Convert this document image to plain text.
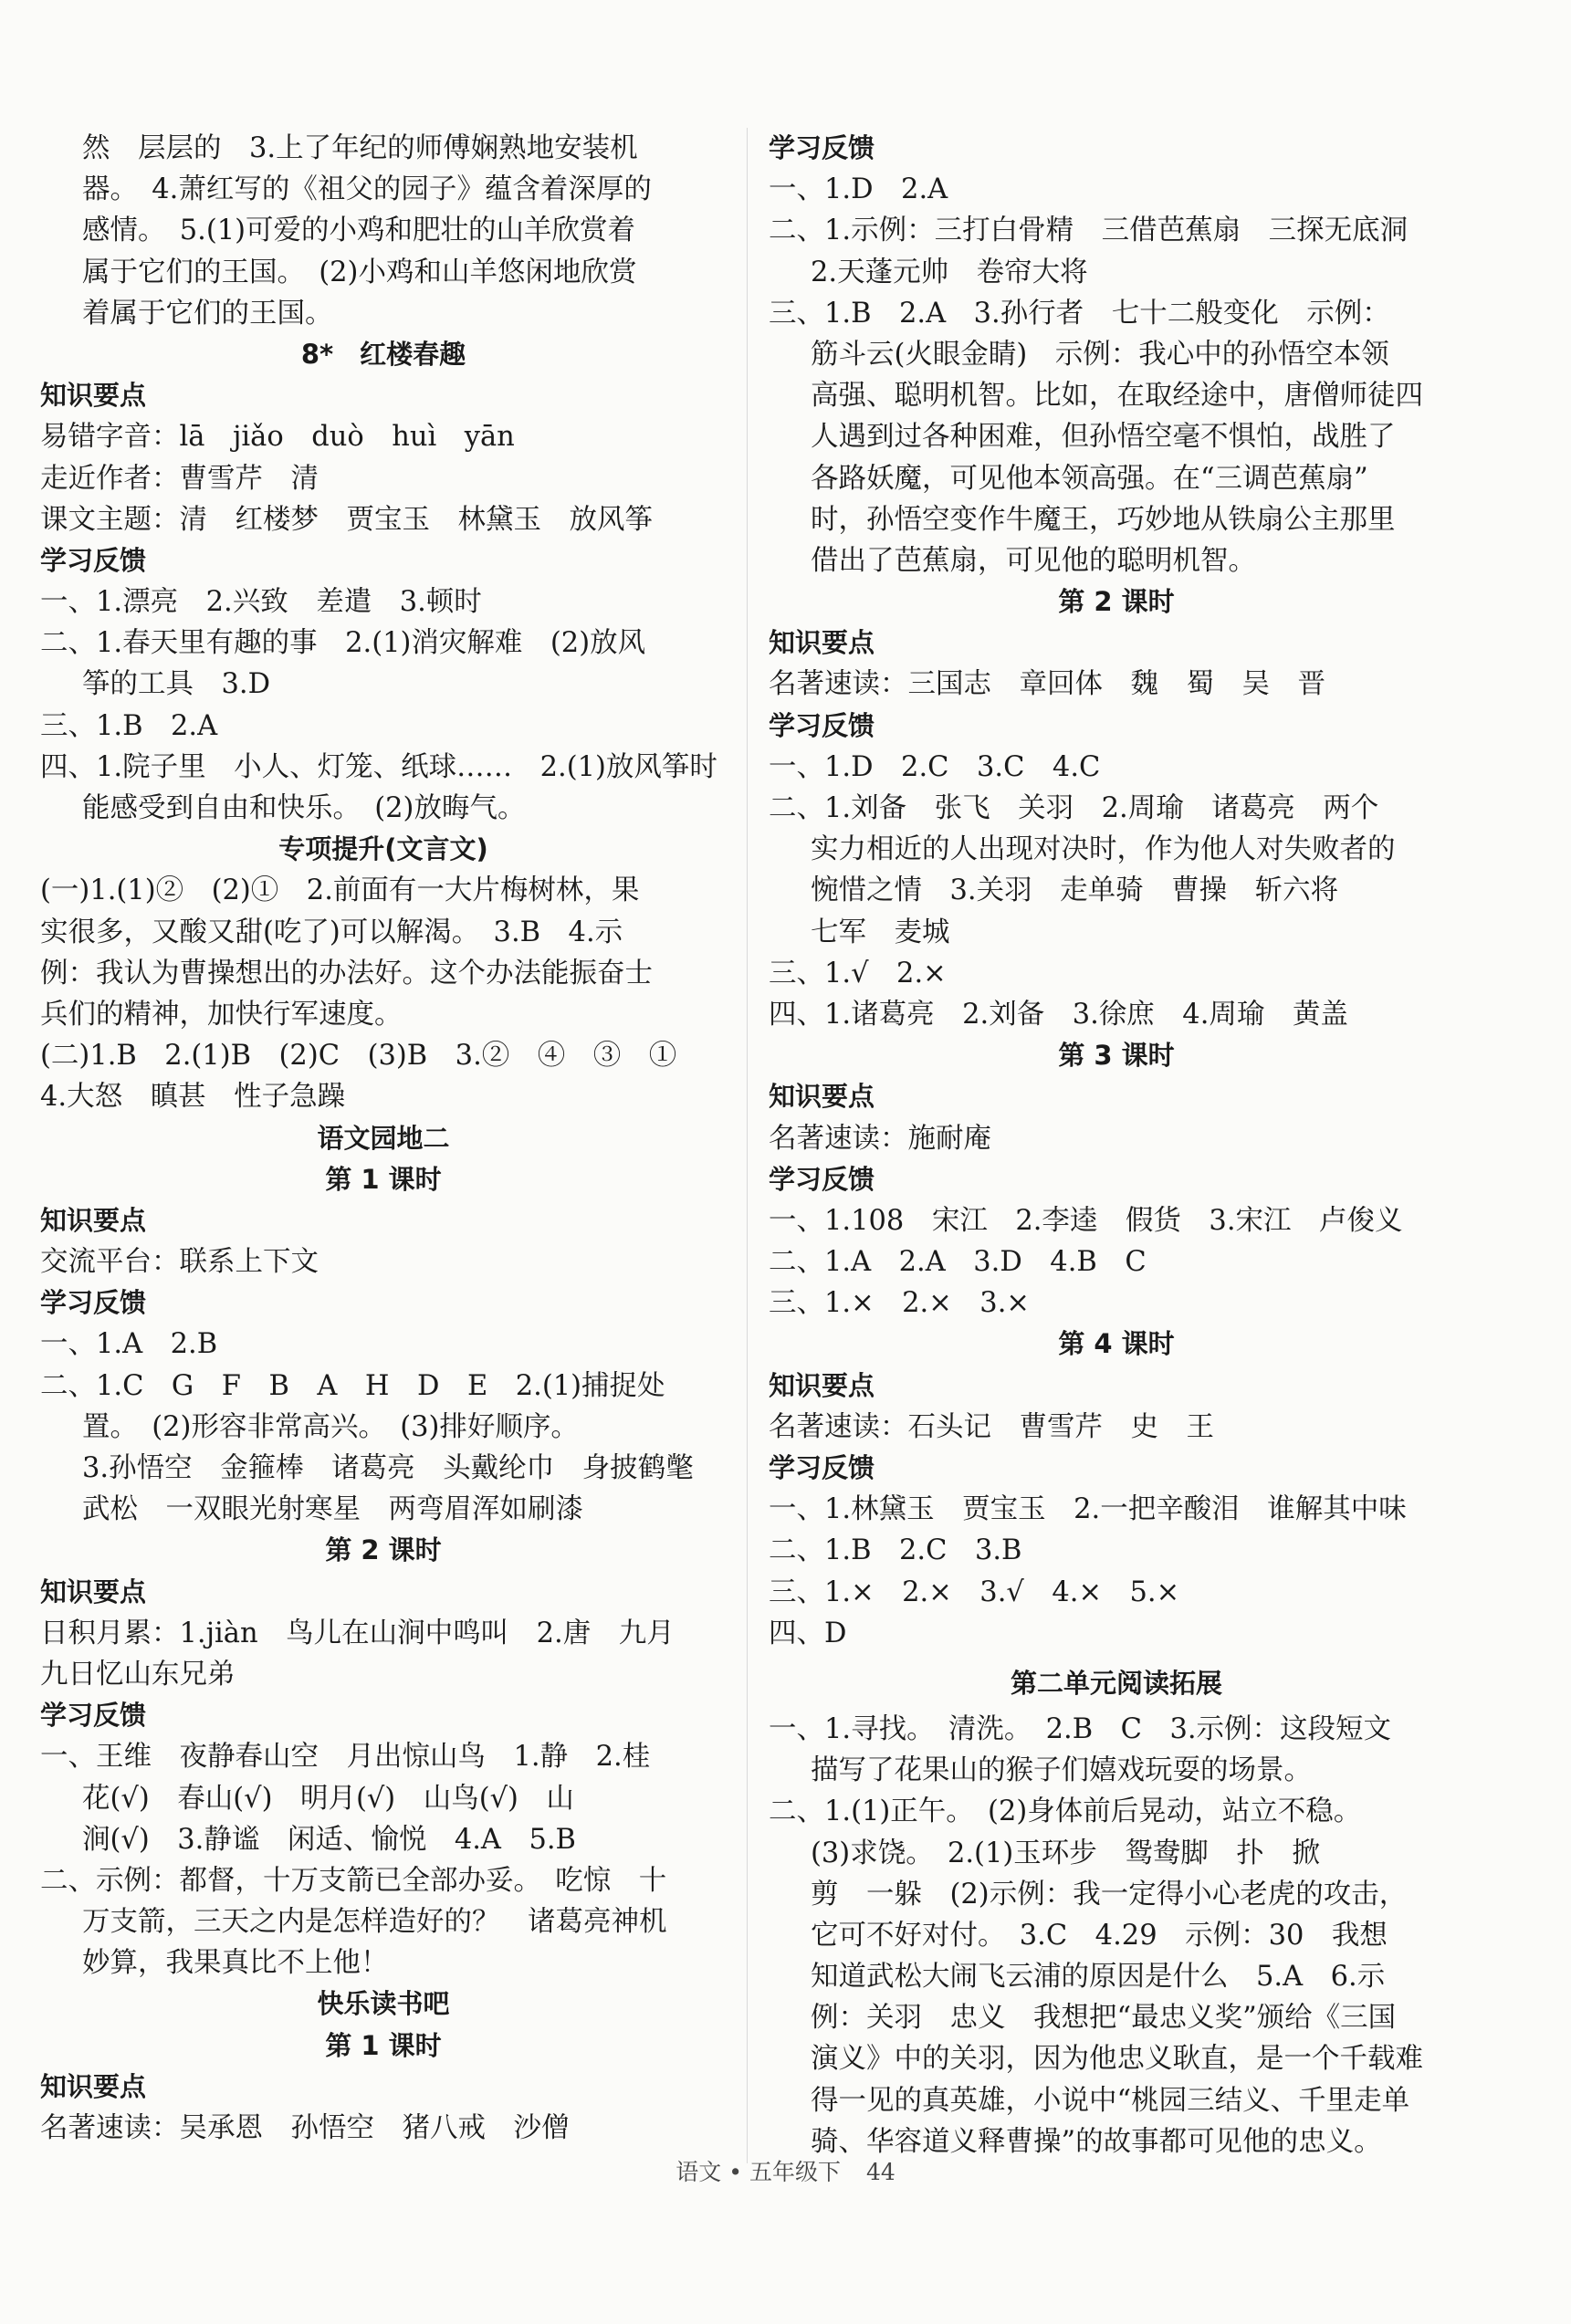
然　层层的　3.上了年纪的师傅娴熟地安装机
器。　4.萧红写的《祖父的园子》蕴含着深厚的
感情。　5.(1)可爱的小鸡和肥壮的山羊欣赏着
属于它们的王国。　(2)小鸡和山羊悠闲地欣赏
着属于它们的王国。
8*　红楼春趣
知识要点
易错字音：lā　jiǎo　duò　huì　yān
走近作者：曹雪芹　清
课文主题：清　红楼梦　贾宝玉　林黛玉　放风筝
学习反馈
一、1.漂亮　2.兴致　差遣　3.顿时
二、1.春天里有趣的事　2.(1)消灾解难　(2)放风
筝的工具　3.D
三、1.B　2.A
四、1.院子里　小人、灯笼、纸球……　2.(1)放风筝时
能感受到自由和快乐。　(2)放晦气。
专项提升(文言文)
(一)1.(1)②　(2)①　2.前面有一大片梅树林，果
实很多，又酸又甜(吃了)可以解渴。　3.B　4.示
例：我认为曹操想出的办法好。这个办法能振奋士
兵们的精神，加快行军速度。
(二)1.B　2.(1)B　(2)C　(3)B　3.②　④　③　①
4.大怒　瞋甚　性子急躁
语文园地二
第 1 课时
知识要点
交流平台：联系上下文
学习反馈
一、1.A　2.B
二、1.C　G　F　B　A　H　D　E　2.(1)捕捉处
置。　(2)形容非常高兴。　(3)排好顺序。
3.孙悟空　金箍棒　诸葛亮　头戴纶巾　身披鹤氅
武松　一双眼光射寒星　两弯眉浑如刷漆
第 2 课时
知识要点
日积月累：1.jiàn　鸟儿在山涧中鸣叫　2.唐　九月
九日忆山东兄弟
学习反馈
一、王维　夜静春山空　月出惊山鸟　1.静　2.桂
花(√)　春山(√)　明月(√)　山鸟(√)　山
涧(√)　3.静谧　闲适、愉悦　4.A　5.B
二、示例：都督，十万支箭已全部办妥。　吃惊　十
万支箭，三天之内是怎样造好的？　诸葛亮神机
妙算，我果真比不上他！
快乐读书吧
第 1 课时
知识要点
名著速读：吴承恩　孙悟空　猪八戒　沙僧
学习反馈
一、1.D　2.A
二、1.示例：三打白骨精　三借芭蕉扇　三探无底洞
2.天蓬元帅　卷帘大将
三、1.B　2.A　3.孙行者　七十二般变化　示例：
筋斗云(火眼金睛)　示例：我心中的孙悟空本领
高强、聪明机智。比如，在取经途中，唐僧师徒四
人遇到过各种困难，但孙悟空毫不惧怕，战胜了
各路妖魔，可见他本领高强。在“三调芭蕉扇”
时，孙悟空变作牛魔王，巧妙地从铁扇公主那里
借出了芭蕉扇，可见他的聪明机智。
第 2 课时
知识要点
名著速读：三国志　章回体　魏　蜀　吴　晋
学习反馈
一、1.D　2.C　3.C　4.C
二、1.刘备　张飞　关羽　2.周瑜　诸葛亮　两个
实力相近的人出现对决时，作为他人对失败者的
惋惜之情　3.关羽　走单骑　曹操　斩六将
七军　麦城
三、1.√　2.×
四、1.诸葛亮　2.刘备　3.徐庶　4.周瑜　黄盖
第 3 课时
知识要点
名著速读：施耐庵
学习反馈
一、1.108　宋江　2.李逵　假货　3.宋江　卢俊义
二、1.A　2.A　3.D　4.B　C
三、1.×　2.×　3.×
第 4 课时
知识要点
名著速读：石头记　曹雪芹　史　王
学习反馈
一、1.林黛玉　贾宝玉　2.一把辛酸泪　谁解其中味
二、1.B　2.C　3.B
三、1.×　2.×　3.√　4.×　5.×
四、D
第二单元阅读拓展
一、1.寻找。　清洗。　2.B　C　3.示例：这段短文
描写了花果山的猴子们嬉戏玩耍的场景。
二、1.(1)正午。　(2)身体前后晃动，站立不稳。
(3)求饶。　2.(1)玉环步　鸳鸯脚　扑　掀
剪　一躲　(2)示例：我一定得小心老虎的攻击，
它可不好对付。　3.C　4.29　示例：30　我想
知道武松大闹飞云浦的原因是什么　5.A　6.示
例：关羽　忠义　我想把“最忠义奖”颁给《三国
演义》中的关羽，因为他忠义耿直，是一个千载难
得一见的真英雄，小说中“桃园三结义、千里走单
骑、华容道义释曹操”的故事都可见他的忠义。
语文 • 五年级下 44
